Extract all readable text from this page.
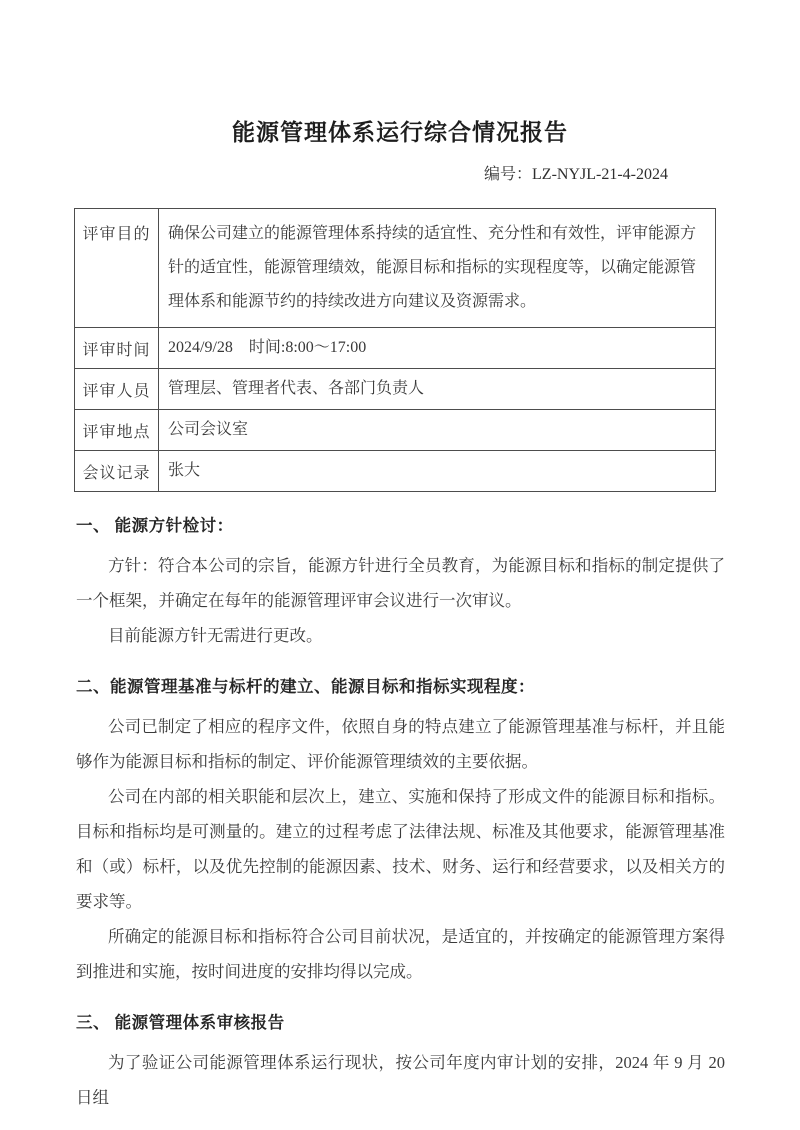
能源管理体系运行综合情况报告
编号：LZ-NYJL-21-4-2024
评审目的	确保公司建立的能源管理体系持续的适宜性、充分性和有效性，评审能源方针的适宜性，能源管理绩效，能源目标和指标的实现程度等，以确定能源管理体系和能源节约的持续改进方向建议及资源需求。
评审时间	2024/9/28　时间:8:00～17:00
评审人员	管理层、管理者代表、各部门负责人
评审地点	公司会议室
会议记录	张大
一、 能源方针检讨：

方针：符合本公司的宗旨，能源方针进行全员教育，为能源目标和指标的制定提供了一个框架，并确定在每年的能源管理评审会议进行一次审议。

目前能源方针无需进行更改。

二、能源管理基准与标杆的建立、能源目标和指标实现程度：

公司已制定了相应的程序文件，依照自身的特点建立了能源管理基准与标杆，并且能够作为能源目标和指标的制定、评价能源管理绩效的主要依据。

公司在内部的相关职能和层次上，建立、实施和保持了形成文件的能源目标和指标。目标和指标均是可测量的。建立的过程考虑了法律法规、标准及其他要求，能源管理基准和（或）标杆，以及优先控制的能源因素、技术、财务、运行和经营要求，以及相关方的要求等。

所确定的能源目标和指标符合公司目前状况，是适宜的，并按确定的能源管理方案得到推进和实施，按时间进度的安排均得以完成。

三、 能源管理体系审核报告

为了验证公司能源管理体系运行现状，按公司年度内审计划的安排，2024 年 9 月 20 日组
